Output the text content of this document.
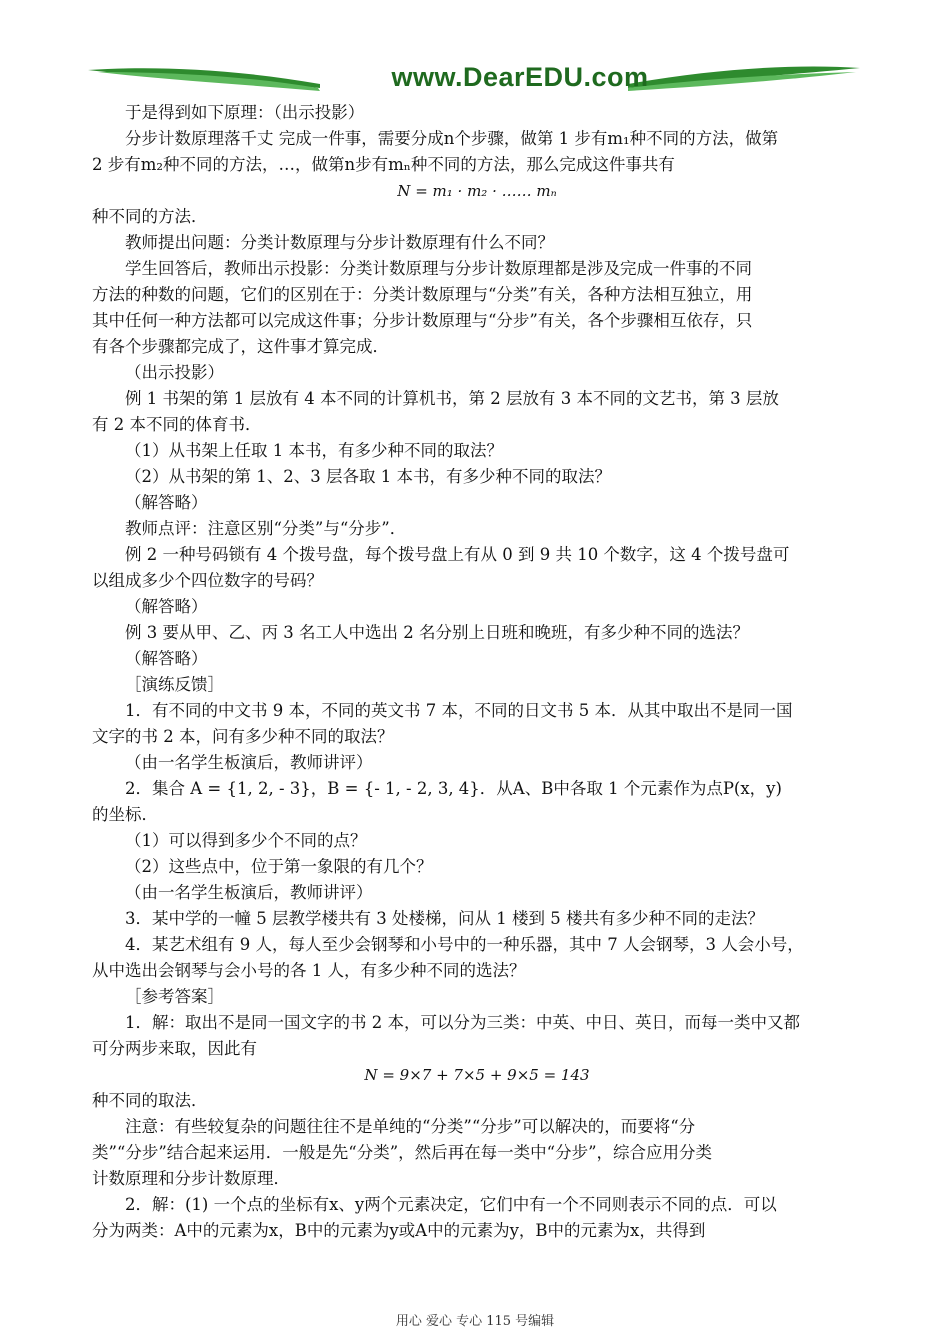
www.DearEDU.com

于是得到如下原理：（出示投影）

分步计数原理落千丈 完成一件事，需要分成n个步骤，做第 1 步有m₁种不同的方法，做第

2 步有m₂种不同的方法，…，做第n步有mₙ种不同的方法，那么完成这件事共有

N = m₁ · m₂ · …… mₙ

种不同的方法．

教师提出问题：分类计数原理与分步计数原理有什么不同？

学生回答后，教师出示投影：分类计数原理与分步计数原理都是涉及完成一件事的不同

方法的种数的问题，它们的区别在于：分类计数原理与“分类”有关，各种方法相互独立，用

其中任何一种方法都可以完成这件事；分步计数原理与“分步”有关，各个步骤相互依存，只

有各个步骤都完成了，这件事才算完成．

（出示投影）

例 1 书架的第 1 层放有 4 本不同的计算机书，第 2 层放有 3 本不同的文艺书，第 3 层放

有 2 本不同的体育书．

（1）从书架上任取 1 本书，有多少种不同的取法？

（2）从书架的第 1、2、3 层各取 1 本书，有多少种不同的取法？

（解答略）

教师点评：注意区别“分类”与“分步”．

例 2 一种号码锁有 4 个拨号盘，每个拨号盘上有从 0 到 9 共 10 个数字，这 4 个拨号盘可

以组成多少个四位数字的号码？

（解答略）

例 3 要从甲、乙、丙 3 名工人中选出 2 名分别上日班和晚班，有多少种不同的选法？

（解答略）

［演练反馈］

1．有不同的中文书 9 本，不同的英文书 7 本，不同的日文书 5 本．从其中取出不是同一国

文字的书 2 本，问有多少种不同的取法？

（由一名学生板演后，教师讲评）

2．集合 A = {1, 2, - 3}，B = {- 1, - 2, 3, 4}．从A、B中各取 1 个元素作为点P(x，y)

的坐标．

（1）可以得到多少个不同的点？

（2）这些点中，位于第一象限的有几个？

（由一名学生板演后，教师讲评）

3．某中学的一幢 5 层教学楼共有 3 处楼梯，问从 1 楼到 5 楼共有多少种不同的走法？

4．某艺术组有 9 人，每人至少会钢琴和小号中的一种乐器，其中 7 人会钢琴，3 人会小号，

从中选出会钢琴与会小号的各 1 人，有多少种不同的选法？

［参考答案］

1．解：取出不是同一国文字的书 2 本，可以分为三类：中英、中日、英日，而每一类中又都

可分两步来取，因此有

N = 9×7 + 7×5 + 9×5 = 143

种不同的取法．

注意：有些较复杂的问题往往不是单纯的“分类”“分步”可以解决的，而要将“分

类”“分步”结合起来运用．一般是先“分类”，然后再在每一类中“分步”，综合应用分类

计数原理和分步计数原理．

2．解：(1) 一个点的坐标有x、y两个元素决定，它们中有一个不同则表示不同的点．可以

分为两类：A中的元素为x，B中的元素为y或A中的元素为y，B中的元素为x，共得到

用心 爱心 专心 115 号编辑
